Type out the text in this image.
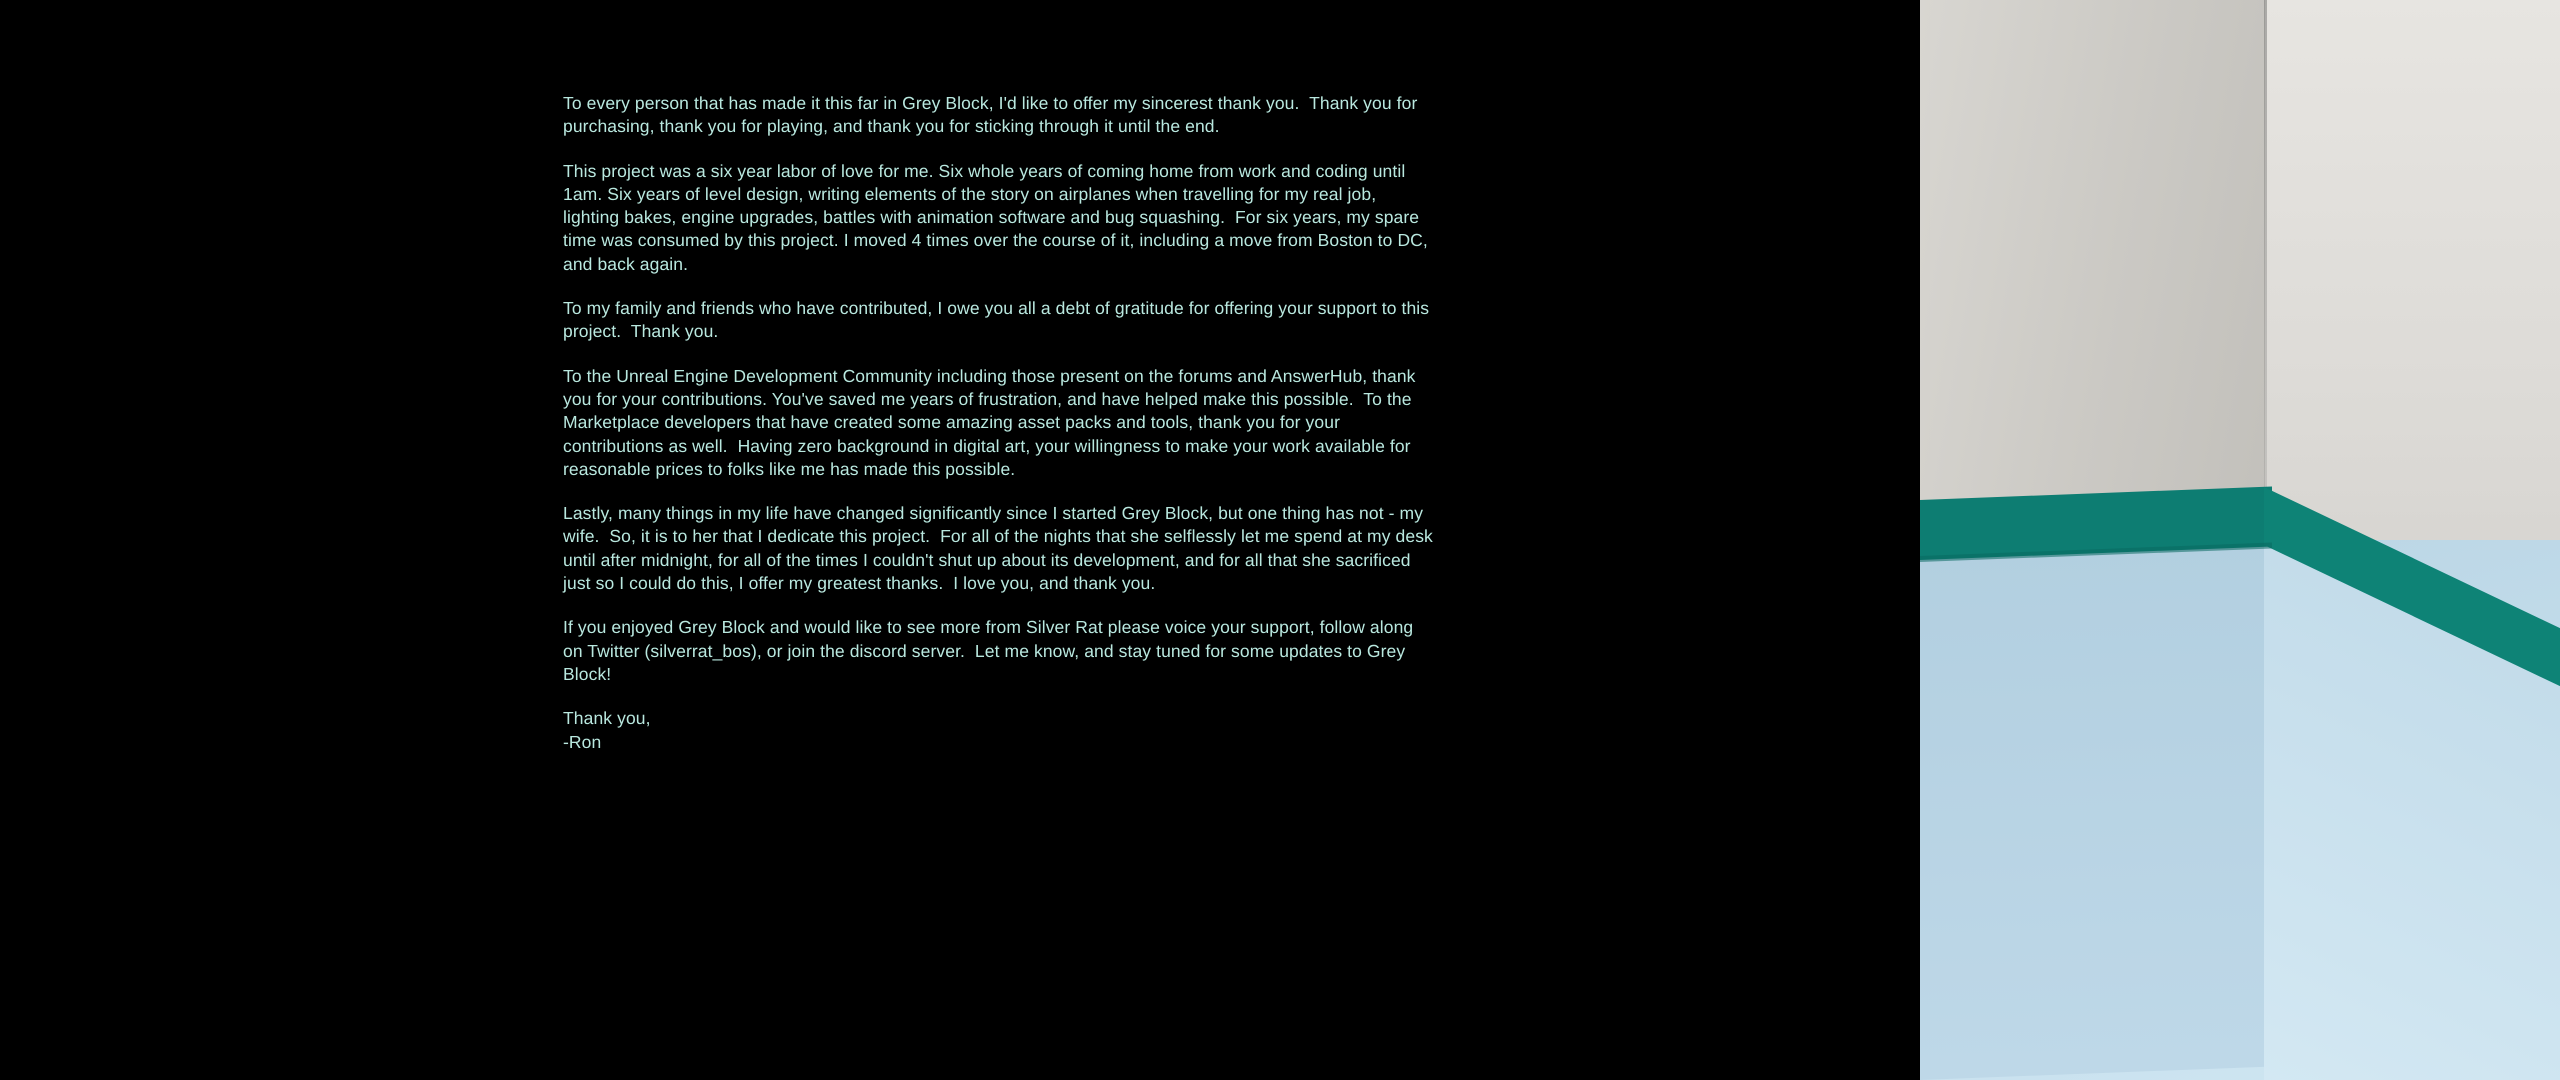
To every person that has made it this far in Grey Block, I'd like to offer my sincerest thank you.  Thank you for purchasing, thank you for playing, and thank you for sticking through it until the end.

This project was a six year labor of love for me. Six whole years of coming home from work and coding until 1am. Six years of level design, writing elements of the story on airplanes when travelling for my real job, lighting bakes, engine upgrades, battles with animation software and bug squashing.  For six years, my spare time was consumed by this project. I moved 4 times over the course of it, including a move from Boston to DC, and back again.

To my family and friends who have contributed, I owe you all a debt of gratitude for offering your support to this project.  Thank you.

To the Unreal Engine Development Community including those present on the forums and AnswerHub, thank you for your contributions. You've saved me years of frustration, and have helped make this possible.  To the Marketplace developers that have created some amazing asset packs and tools, thank you for your contributions as well.  Having zero background in digital art, your willingness to make your work available for reasonable prices to folks like me has made this possible.

Lastly, many things in my life have changed significantly since I started Grey Block, but one thing has not - my wife.  So, it is to her that I dedicate this project.  For all of the nights that she selflessly let me spend at my desk until after midnight, for all of the times I couldn't shut up about its development, and for all that she sacrificed just so I could do this, I offer my greatest thanks.  I love you, and thank you.

If you enjoyed Grey Block and would like to see more from Silver Rat please voice your support, follow along on Twitter (silverrat_bos), or join the discord server.  Let me know, and stay tuned for some updates to Grey Block!

Thank you,

-Ron
